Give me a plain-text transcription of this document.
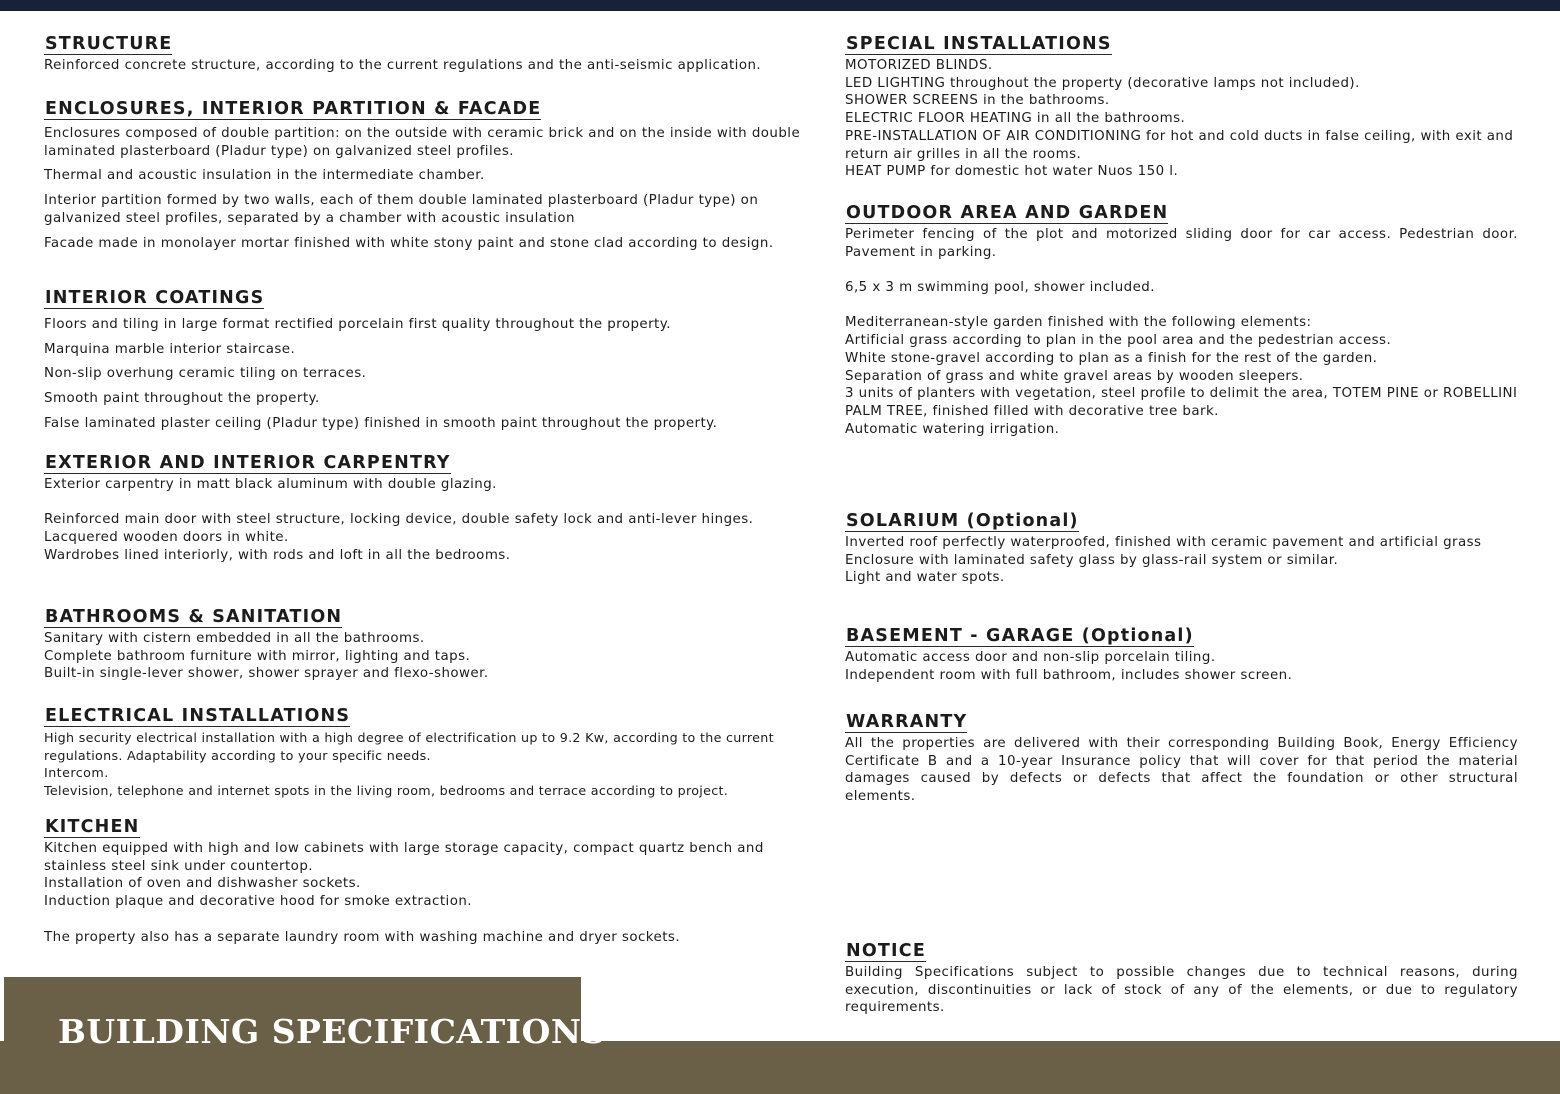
STRUCTURE

Reinforced concrete structure, according to the current regulations and the anti-seismic application.

ENCLOSURES, INTERIOR PARTITION & FACADE

Enclosures composed of double partition: on the outside with ceramic brick and on the inside with double laminated plasterboard (Pladur type) on galvanized steel profiles.

Thermal and acoustic insulation in the intermediate chamber.

Interior partition formed by two walls, each of them double laminated plasterboard (Pladur type) on galvanized steel profiles, separated by a chamber with acoustic insulation

Facade made in monolayer mortar finished with white stony paint and stone clad according to design.

INTERIOR COATINGS

Floors and tiling in large format rectified porcelain first quality throughout the property.

Marquina marble interior staircase.

Non-slip overhung ceramic tiling on terraces.

Smooth paint throughout the property.

False laminated plaster ceiling (Pladur type) finished in smooth paint throughout the property.

EXTERIOR AND INTERIOR CARPENTRY

Exterior carpentry in matt black aluminum with double glazing.

Reinforced main door with steel structure, locking device, double safety lock and anti-lever hinges.

Lacquered wooden doors in white.

Wardrobes lined interiorly, with rods and loft in all the bedrooms.

BATHROOMS & SANITATION

Sanitary with cistern embedded in all the bathrooms.

Complete bathroom furniture with mirror, lighting and taps.

Built-in single-lever shower, shower sprayer and flexo-shower.

ELECTRICAL INSTALLATIONS

High security electrical installation with a high degree of electrification up to 9.2 Kw, according to the current regulations. Adaptability according to your specific needs.

Intercom.

Television, telephone and internet spots in the living room, bedrooms and terrace according to project.

KITCHEN

Kitchen equipped with high and low cabinets with large storage capacity, compact quartz bench and stainless steel sink under countertop.

Installation of oven and dishwasher sockets.

Induction plaque and decorative hood for smoke extraction.

The property also has a separate laundry room with washing machine and dryer sockets.

SPECIAL INSTALLATIONS

MOTORIZED BLINDS.

LED LIGHTING throughout the property (decorative lamps not included).

SHOWER SCREENS in the bathrooms.

ELECTRIC FLOOR HEATING in all the bathrooms.

PRE-INSTALLATION OF AIR CONDITIONING for hot and cold ducts in false ceiling, with exit and return air grilles in all the rooms.

HEAT PUMP for domestic hot water Nuos 150 l.

OUTDOOR AREA AND GARDEN

Perimeter fencing of the plot and motorized sliding door for car access. Pedestrian door. Pavement in parking.

6,5 x 3 m swimming pool, shower included.

Mediterranean-style garden finished with the following elements:

Artificial grass according to plan in the pool area and the pedestrian access.

White stone-gravel according to plan as a finish for the rest of the garden.

Separation of grass and white gravel areas by wooden sleepers.

3 units of planters with vegetation, steel profile to delimit the area, TOTEM PINE or ROBELLINI PALM TREE, finished filled with decorative tree bark.

Automatic watering irrigation.

SOLARIUM (Optional)

Inverted roof perfectly waterproofed, finished with ceramic pavement and artificial grass

Enclosure with laminated safety glass by glass-rail system or similar.

Light and water spots.

BASEMENT - GARAGE (Optional)

Automatic access door and non-slip porcelain tiling.

Independent room with full bathroom, includes shower screen.

WARRANTY

All the properties are delivered with their corresponding Building Book, Energy Efficiency Certificate B and a 10-year Insurance policy that will cover for that period the material damages caused by defects or defects that affect the foundation or other structural elements.

NOTICE

Building Specifications subject to possible changes due to technical reasons, during execution, discontinuities or lack of stock of any of the elements, or due to regulatory requirements.

BUILDING SPECIFICATIONS
